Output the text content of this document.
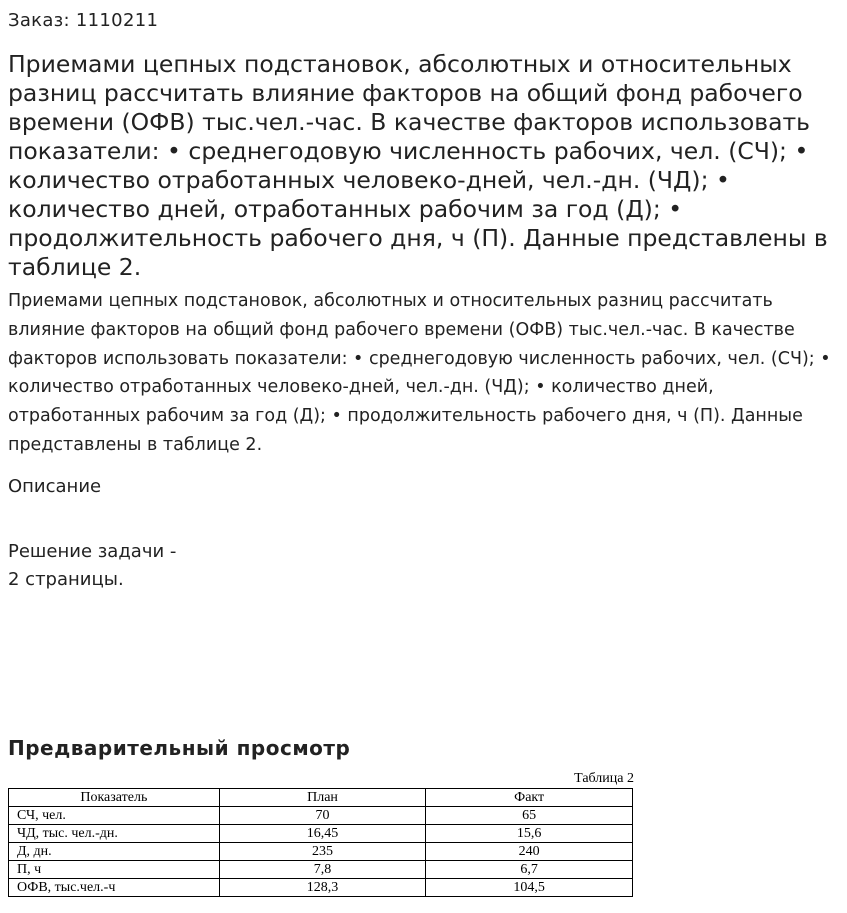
Заказ: 1110211
Приемами цепных подстановок, абсолютных и относительных разниц рассчитать влияние факторов на общий фонд рабочего времени (ОФВ) тыс.чел.-час. В качестве факторов использовать показатели: • среднегодовую численность рабочих, чел. (СЧ); • количество отработанных человеко-дней, чел.-дн. (ЧД); • количество дней, отработанных рабочим за год (Д); • продолжительность рабочего дня, ч (П). Данные представлены в таблице 2.

Приемами цепных подстановок, абсолютных и относительных разниц рассчитать влияние факторов на общий фонд рабочего времени (ОФВ) тыс.чел.-час. В качестве факторов использовать показатели: • среднегодовую численность рабочих, чел. (СЧ); • количество отработанных человеко-дней, чел.-дн. (ЧД); • количество дней, отработанных рабочим за год (Д); • продолжительность рабочего дня, ч (П). Данные представлены в таблице 2.

Описание
Решение задачи -
2 страницы.
Предварительный просмотр
Таблица 2
Показатель	План	Факт
СЧ, чел.	70	65
ЧД, тыс. чел.-дн.	16,45	15,6
Д, дн.	235	240
П, ч	7,8	6,7
ОФВ, тыс.чел.-ч	128,3	104,5
